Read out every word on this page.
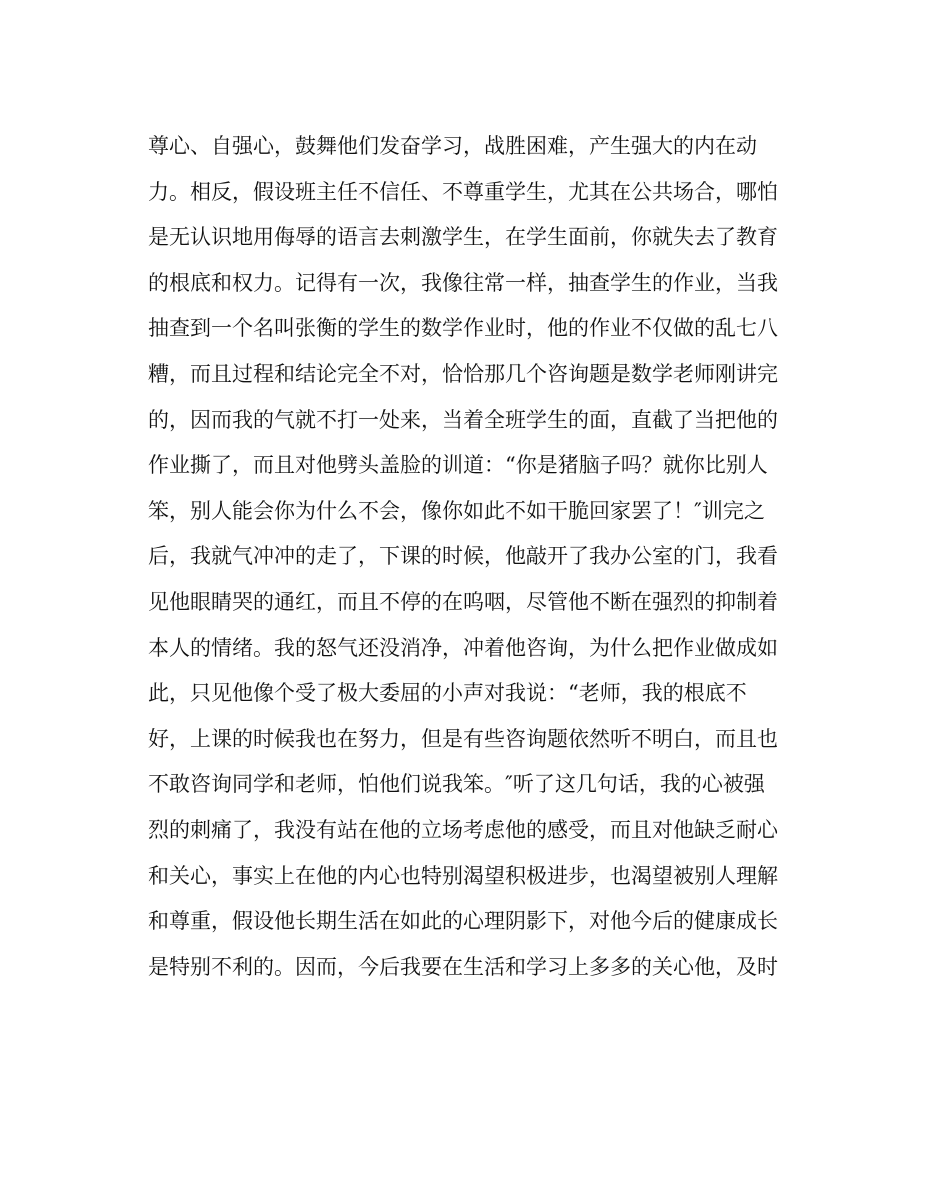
尊心、自强心，鼓舞他们发奋学习，战胜困难，产生强大的内在动
力。相反，假设班主任不信任、不尊重学生，尤其在公共场合，哪怕
是无认识地用侮辱的语言去刺激学生，在学生面前，你就失去了教育
的根底和权力。记得有一次，我像往常一样，抽查学生的作业，当我
抽查到一个名叫张衡的学生的数学作业时，他的作业不仅做的乱七八
糟，而且过程和结论完全不对，恰恰那几个咨询题是数学老师刚讲完
的，因而我的气就不打一处来，当着全班学生的面，直截了当把他的
作业撕了，而且对他劈头盖脸的训道：“你是猪脑子吗？就你比别人
笨，别人能会你为什么不会，像你如此不如干脆回家罢了！″训完之
后，我就气冲冲的走了，下课的时候，他敲开了我办公室的门，我看
见他眼睛哭的通红，而且不停的在呜咽，尽管他不断在强烈的抑制着
本人的情绪。我的怒气还没消净，冲着他咨询，为什么把作业做成如
此，只见他像个受了极大委屈的小声对我说：“老师，我的根底不
好，上课的时候我也在努力，但是有些咨询题依然听不明白，而且也
不敢咨询同学和老师，怕他们说我笨。″听了这几句话，我的心被强
烈的刺痛了，我没有站在他的立场考虑他的感受，而且对他缺乏耐心
和关心，事实上在他的内心也特别渴望积极进步，也渴望被别人理解
和尊重，假设他长期生活在如此的心理阴影下，对他今后的健康成长
是特别不利的。因而，今后我要在生活和学习上多多的关心他，及时
